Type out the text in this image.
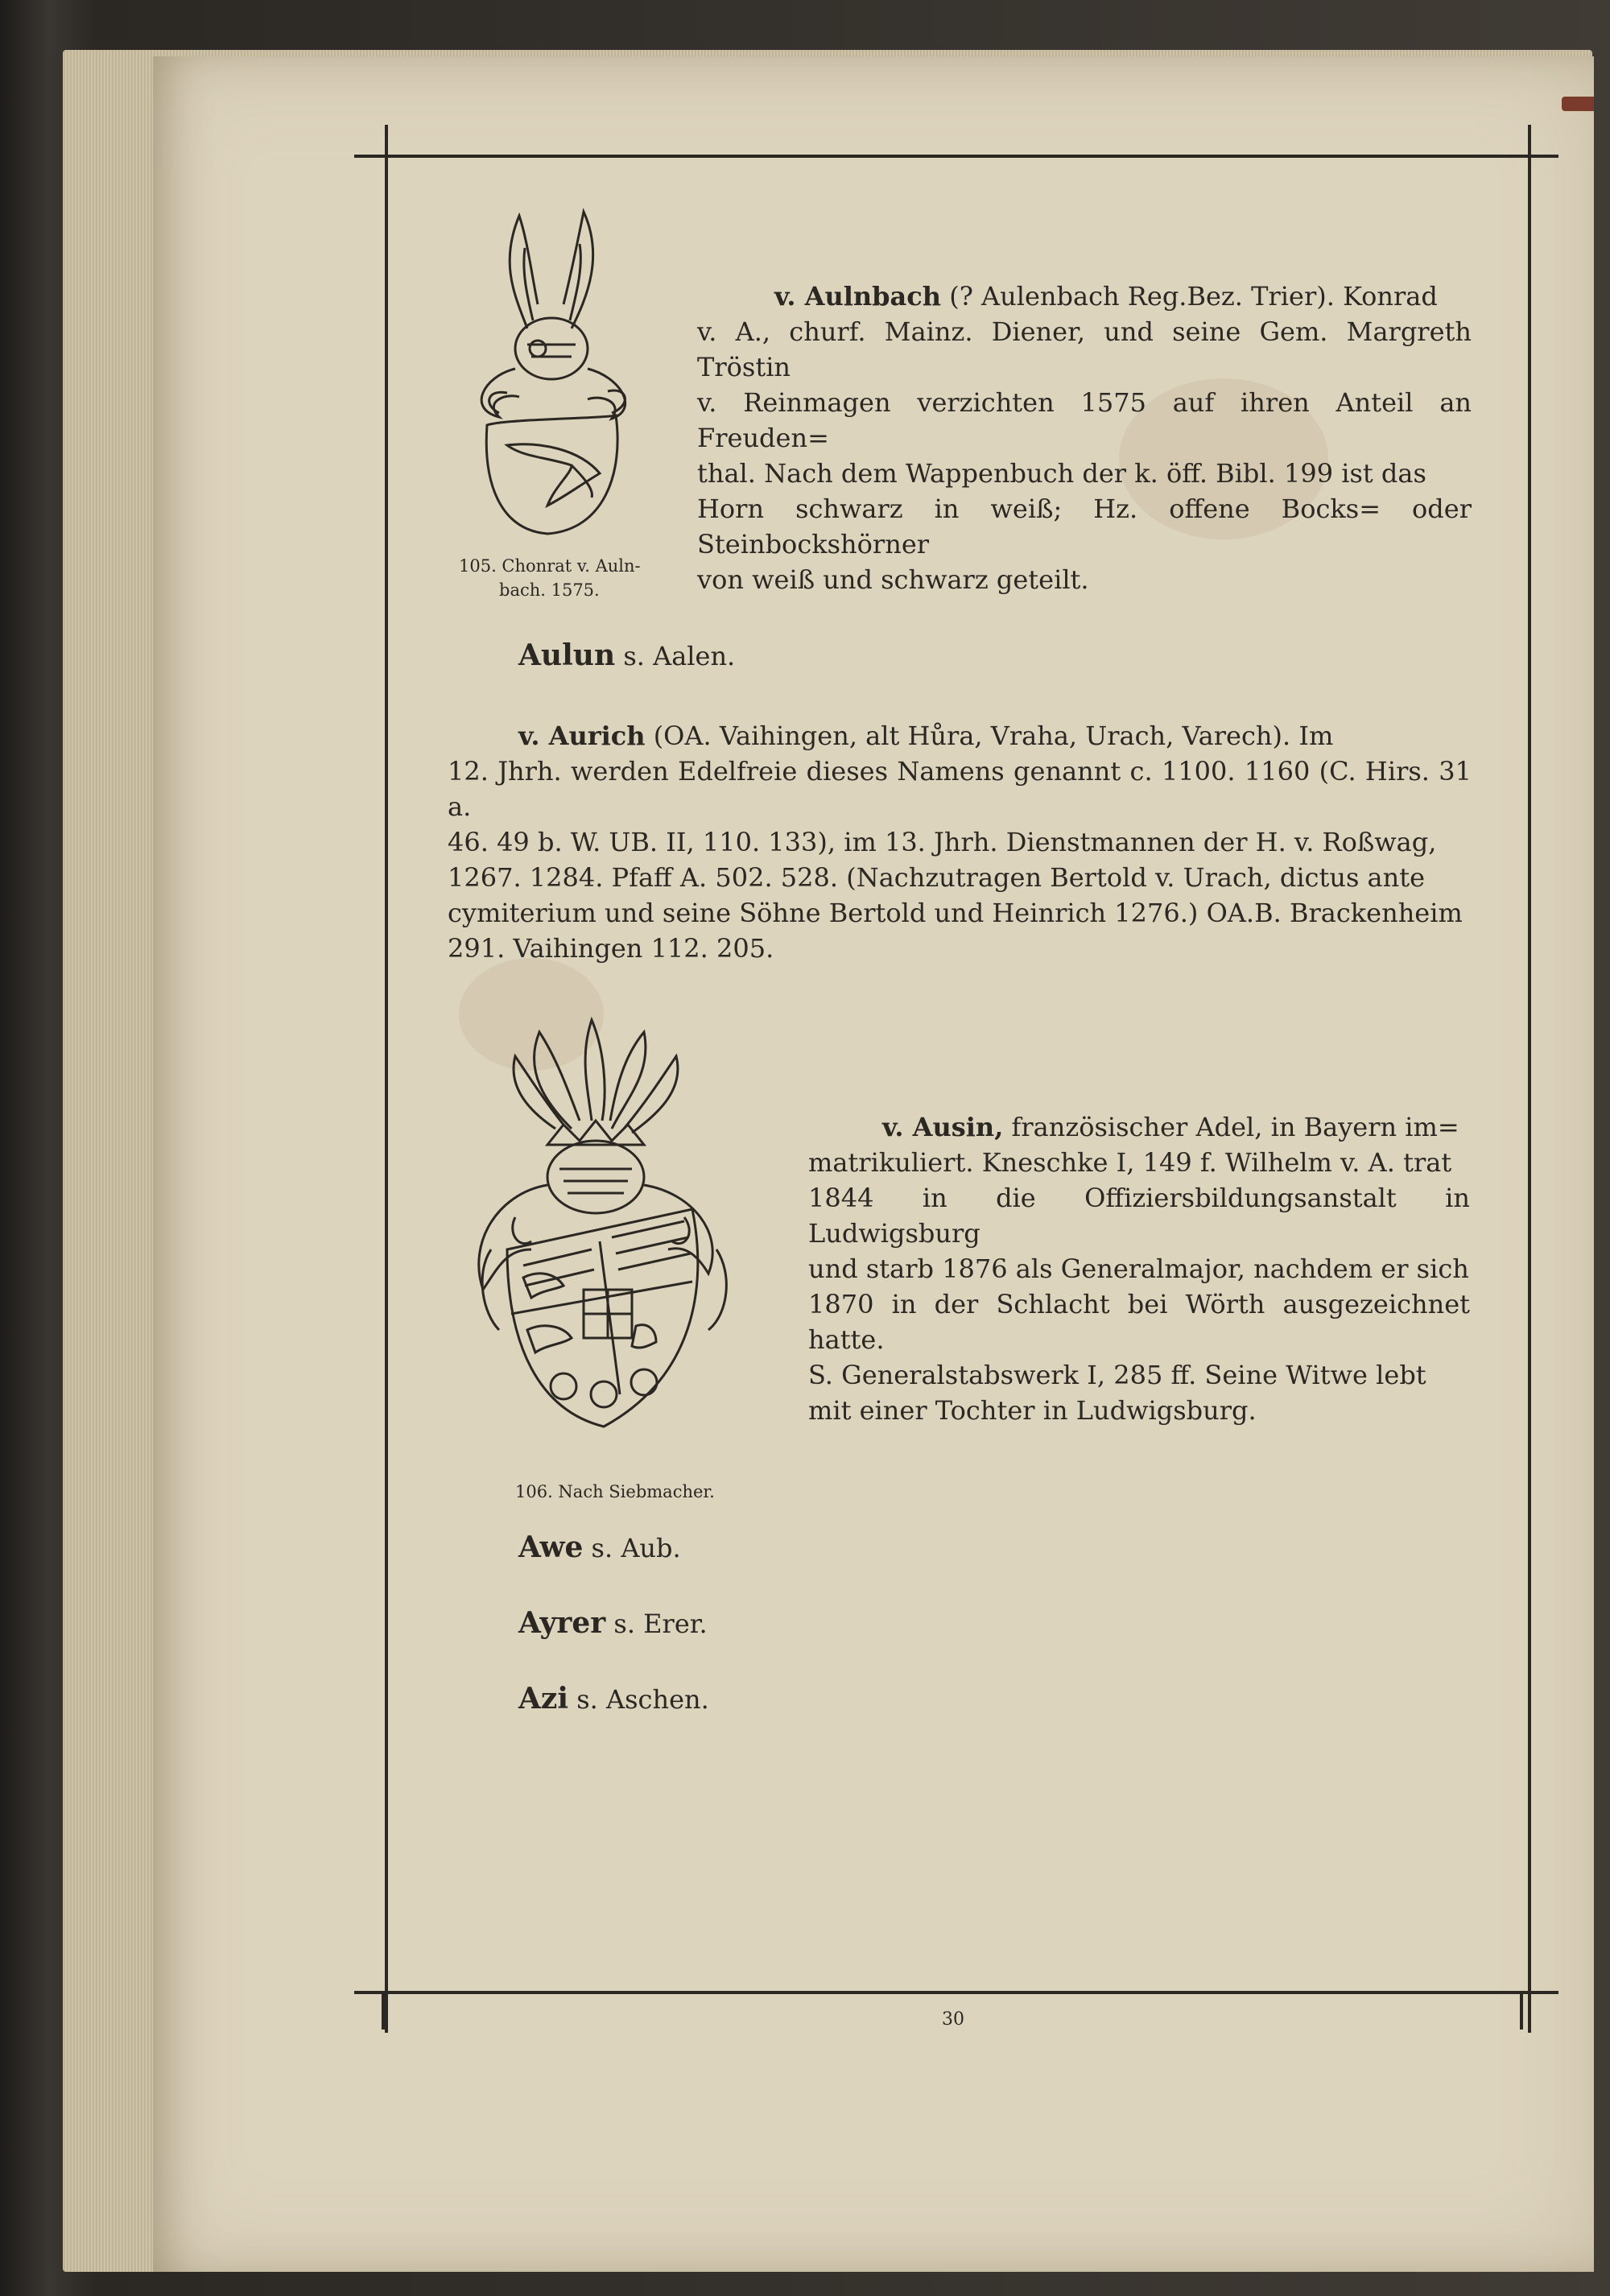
105. Chonrat v. Auln-
bach. 1575.
v. Aulnbach (? Aulenbach Reg.Bez. Trier). Konrad
v. A., churf. Mainz. Diener, und seine Gem. Margreth Tröstin
v. Reinmagen verzichten 1575 auf ihren Anteil an Freuden=
thal. Nach dem Wappenbuch der k. öff. Bibl. 199 ist das
Horn schwarz in weiß; Hz. offene Bocks= oder Steinbockshörner
von weiß und schwarz geteilt.
Aulun s. Aalen.
v. Aurich (OA. Vaihingen, alt Hůra, Vraha, Urach, Varech). Im
12. Jhrh. werden Edelfreie dieses Namens genannt c. 1100. 1160 (C. Hirs. 31 a.
46. 49 b. W. UB. II, 110. 133), im 13. Jhrh. Dienstmannen der H. v. Roßwag,
1267. 1284. Pfaff A. 502. 528. (Nachzutragen Bertold v. Urach, dictus ante
cymiterium und seine Söhne Bertold und Heinrich 1276.) OA.B. Brackenheim
291. Vaihingen 112. 205.
106. Nach Siebmacher.
v. Ausin, französischer Adel, in Bayern im=
matrikuliert. Kneschke I, 149 f. Wilhelm v. A. trat
1844 in die Offiziersbildungsanstalt in Ludwigsburg
und starb 1876 als Generalmajor, nachdem er sich
1870 in der Schlacht bei Wörth ausgezeichnet hatte.
S. Generalstabswerk I, 285 ff. Seine Witwe lebt
mit einer Tochter in Ludwigsburg.
Awe s. Aub.
Ayrer s. Erer.
Azi s. Aschen.
30
